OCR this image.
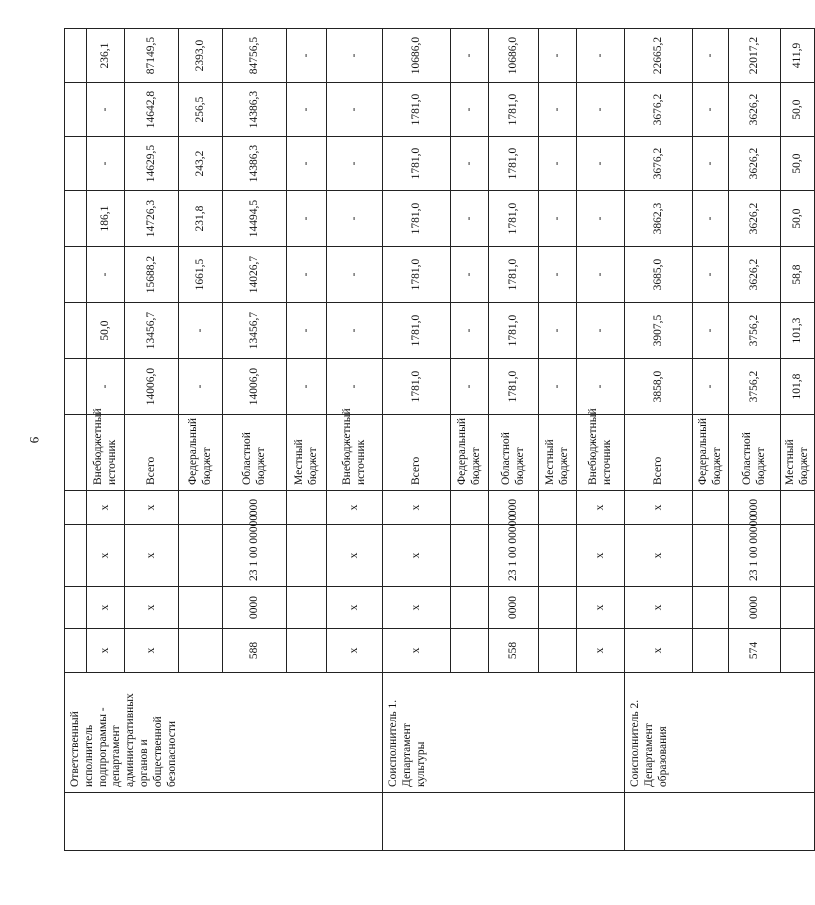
9
	Ответственный исполнитель подпрограммы - департамент административных органов и общественной безопасности												
		х	х	х	х	Внебюджетный источник	-	50,0	-	186,1	-	-	236,1
		х	х	х	х	Всего	14006,0	13456,7	15688,2	14726,3	14629,5	14642,8	87149,5
						Федеральный бюджет	-	-	1661,5	231,8	243,2	256,5	2393,0
		588	0000	23 1 00 00000	000	Областной бюджет	14006,0	13456,7	14026,7	14494,5	14386,3	14386,3	84756,5
						Местный бюджет	-	-	-	-	-	-	-
		х	х	х	х	Внебюджетный источник	-	-	-	-	-	-	-
	Соисполнитель 1. Департамент культуры	х	х	х	х	Всего	1781,0	1781,0	1781,0	1781,0	1781,0	1781,0	10686,0
						Федеральный бюджет	-	-	-	-	-	-	-
		558	0000	23 1 00 00000	000	Областной бюджет	1781,0	1781,0	1781,0	1781,0	1781,0	1781,0	10686,0
						Местный бюджет	-	-	-	-	-	-	-
		х	х	х	х	Внебюджетный источник	-	-	-	-	-	-	-
	Соисполнитель 2. Департамент образования	х	х	х	х	Всего	3858,0	3907,5	3685,0	3862,3	3676,2	3676,2	22665,2
						Федеральный бюджет	-	-	-	-	-	-	-
		574	0000	23 1 00 00000	000	Областной бюджет	3756,2	3756,2	3626,2	3626,2	3626,2	3626,2	22017,2
						Местный бюджет	101,8	101,3	58,8	50,0	50,0	50,0	411,9
